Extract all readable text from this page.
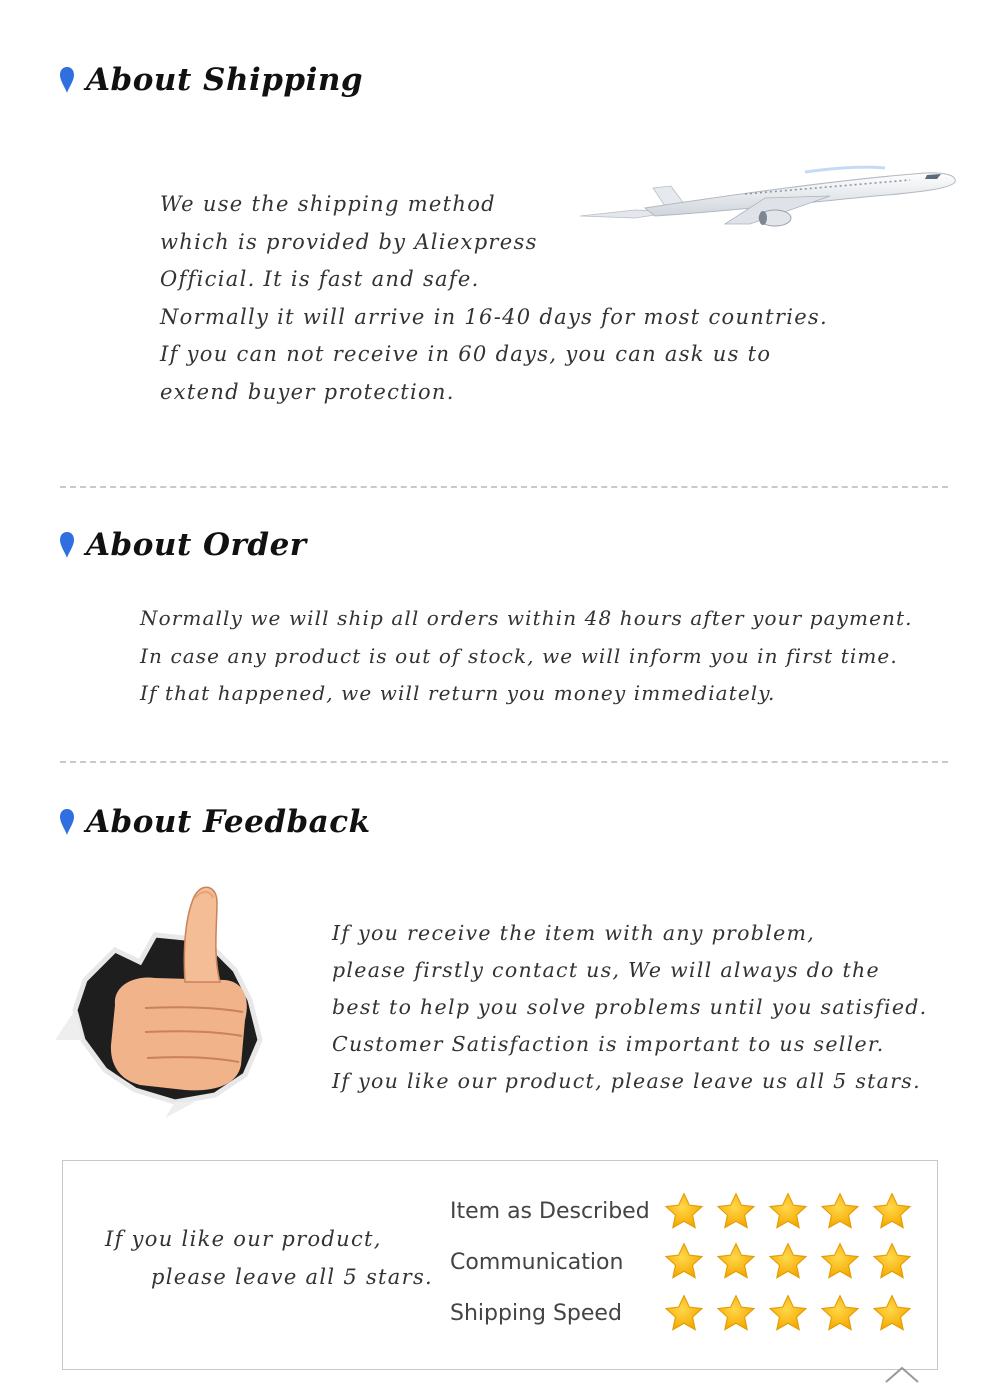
About Shipping

We use the shipping method

which is provided by Aliexpress

Official. It is fast and safe.

Normally it will arrive in 16-40 days for most countries.

If you can not receive in 60 days, you can ask us to

extend buyer protection.

About Order

Normally we will ship all orders within 48 hours after your payment.

In case any product is out of stock, we will inform you in first time.

If that happened, we will return you money immediately.

About Feedback

If you receive the item with any problem,

please firstly contact us, We will always do the

best to help you solve problems until you satisfied.

Customer Satisfaction is important to us seller.

If you like our product, please leave us all 5 stars.

If you like our product,
please leave all 5 stars.
Item as Described
Communication
Shipping Speed
